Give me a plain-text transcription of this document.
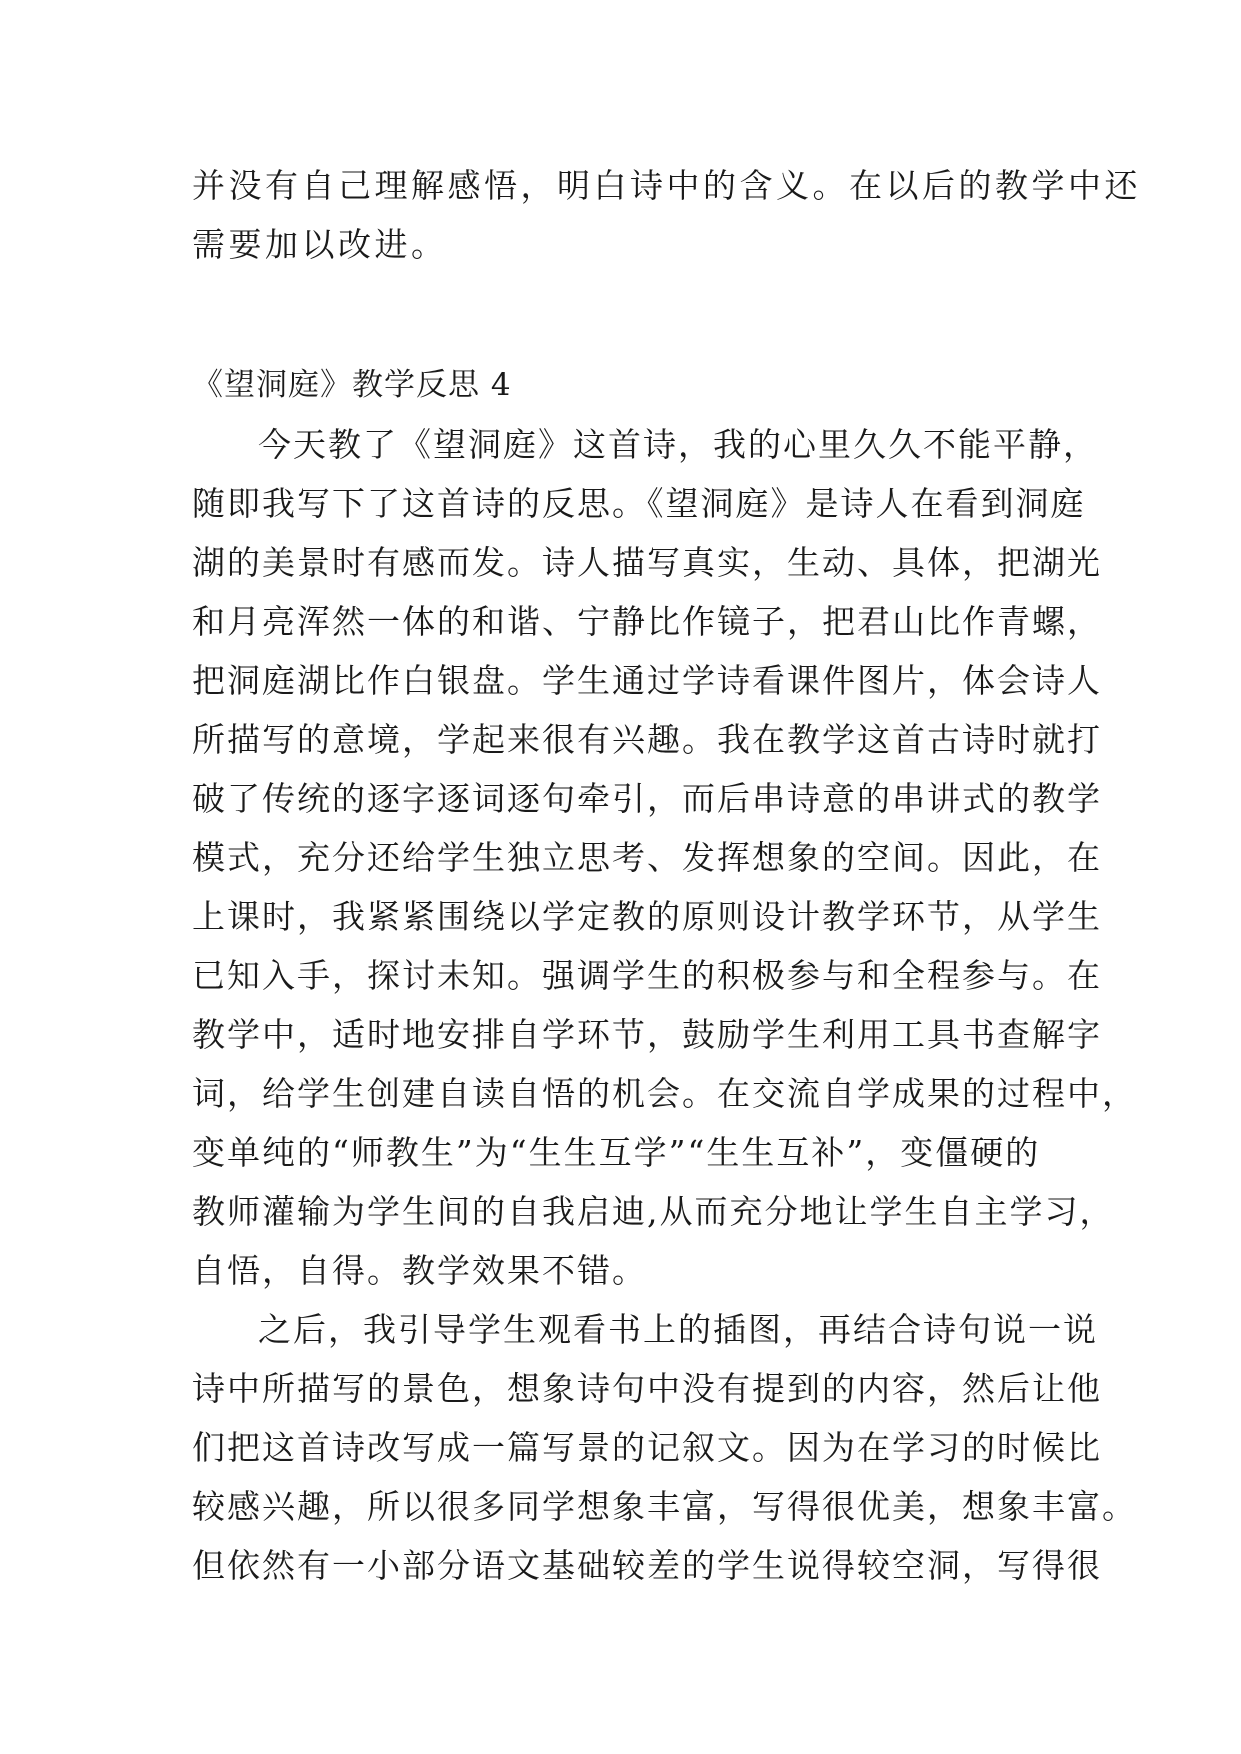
并没有自己理解感悟，明白诗中的含义。在以后的教学中还
需要加以改进。
《望洞庭》教学反思 4
今天教了《望洞庭》这首诗，我的心里久久不能平静，
随即我写下了这首诗的反思。《望洞庭》是诗人在看到洞庭
湖的美景时有感而发。诗人描写真实，生动、具体，把湖光
和月亮浑然一体的和谐、宁静比作镜子，把君山比作青螺，
把洞庭湖比作白银盘。学生通过学诗看课件图片，体会诗人
所描写的意境，学起来很有兴趣。我在教学这首古诗时就打
破了传统的逐字逐词逐句牵引，而后串诗意的串讲式的教学
模式，充分还给学生独立思考、发挥想象的空间。因此，在
上课时，我紧紧围绕以学定教的原则设计教学环节，从学生
已知入手，探讨未知。强调学生的积极参与和全程参与。在
教学中，适时地安排自学环节，鼓励学生利用工具书查解字
词，给学生创建自读自悟的机会。在交流自学成果的过程中，
变单纯的“师教生”为“生生互学”“生生互补”，变僵硬的
教师灌输为学生间的自我启迪,从而充分地让学生自主学习，
自悟，自得。教学效果不错。
之后，我引导学生观看书上的插图，再结合诗句说一说
诗中所描写的景色，想象诗句中没有提到的内容，然后让他
们把这首诗改写成一篇写景的记叙文。因为在学习的时候比
较感兴趣，所以很多同学想象丰富，写得很优美，想象丰富。
但依然有一小部分语文基础较差的学生说得较空洞，写得很
